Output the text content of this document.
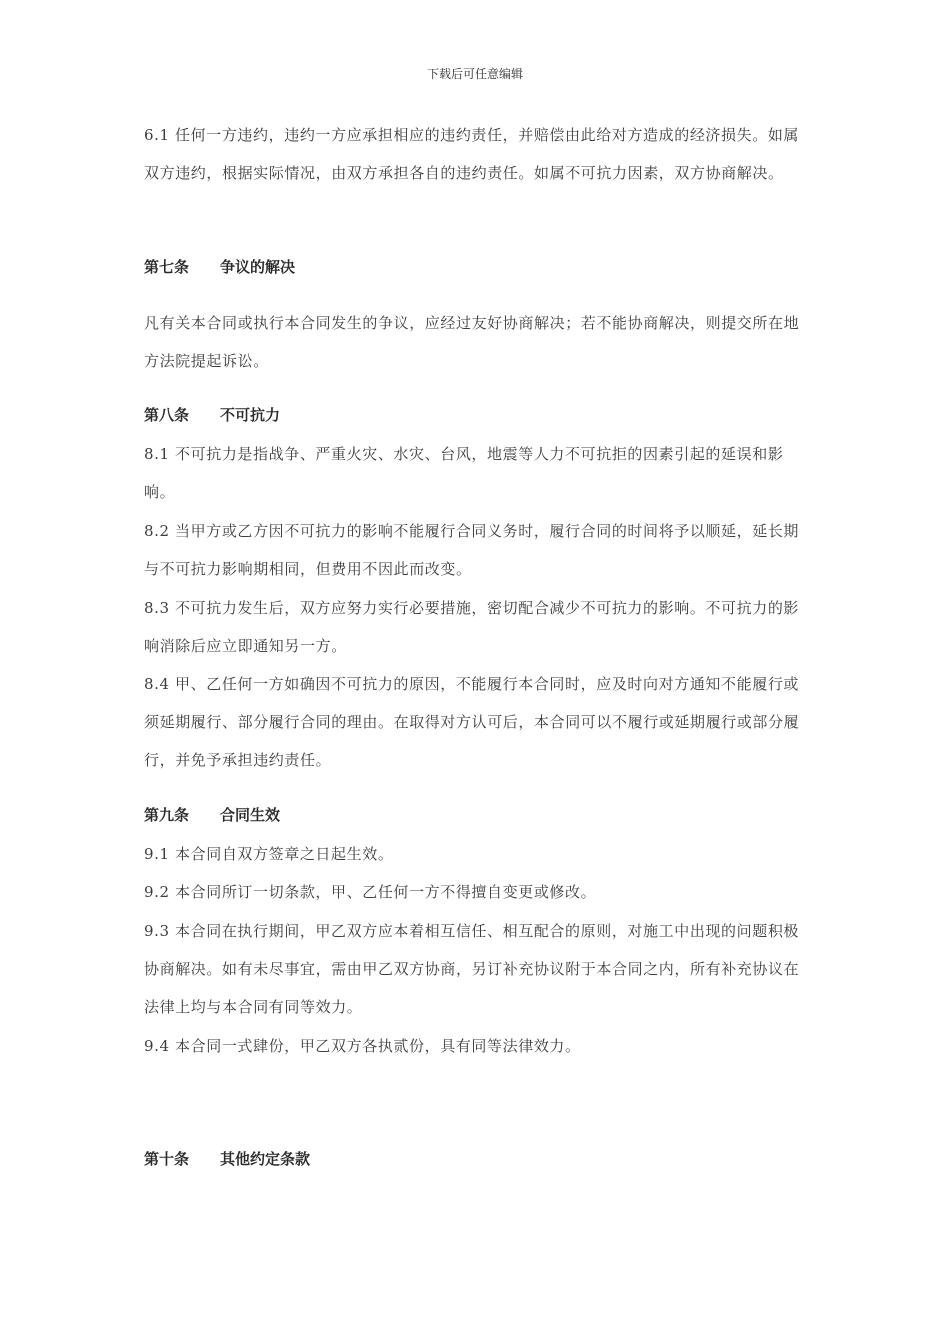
下载后可任意编辑

6.1 任何一方违约，违约一方应承担相应的违约责任，并赔偿由此给对方造成的经济损失。如属双方违约，根据实际情况，由双方承担各自的违约责任。如属不可抗力因素，双方协商解决。

第七条 争议的解决

凡有关本合同或执行本合同发生的争议，应经过友好协商解决；若不能协商解决，则提交所在地方法院提起诉讼。

第八条 不可抗力

8.1 不可抗力是指战争、严重火灾、水灾、台风，地震等人力不可抗拒的因素引起的延误和影响。

8.2 当甲方或乙方因不可抗力的影响不能履行合同义务时，履行合同的时间将予以顺延，延长期与不可抗力影响期相同，但费用不因此而改变。

8.3 不可抗力发生后，双方应努力实行必要措施，密切配合减少不可抗力的影响。不可抗力的影响消除后应立即通知另一方。

8.4 甲、乙任何一方如确因不可抗力的原因，不能履行本合同时，应及时向对方通知不能履行或须延期履行、部分履行合同的理由。在取得对方认可后，本合同可以不履行或延期履行或部分履行，并免予承担违约责任。

第九条 合同生效

9.1 本合同自双方签章之日起生效。

9.2 本合同所订一切条款，甲、乙任何一方不得擅自变更或修改。

9.3 本合同在执行期间，甲乙双方应本着相互信任、相互配合的原则，对施工中出现的问题积极协商解决。如有未尽事宜，需由甲乙双方协商，另订补充协议附于本合同之内，所有补充协议在法律上均与本合同有同等效力。

9.4 本合同一式肆份，甲乙双方各执贰份，具有同等法律效力。

第十条 其他约定条款
